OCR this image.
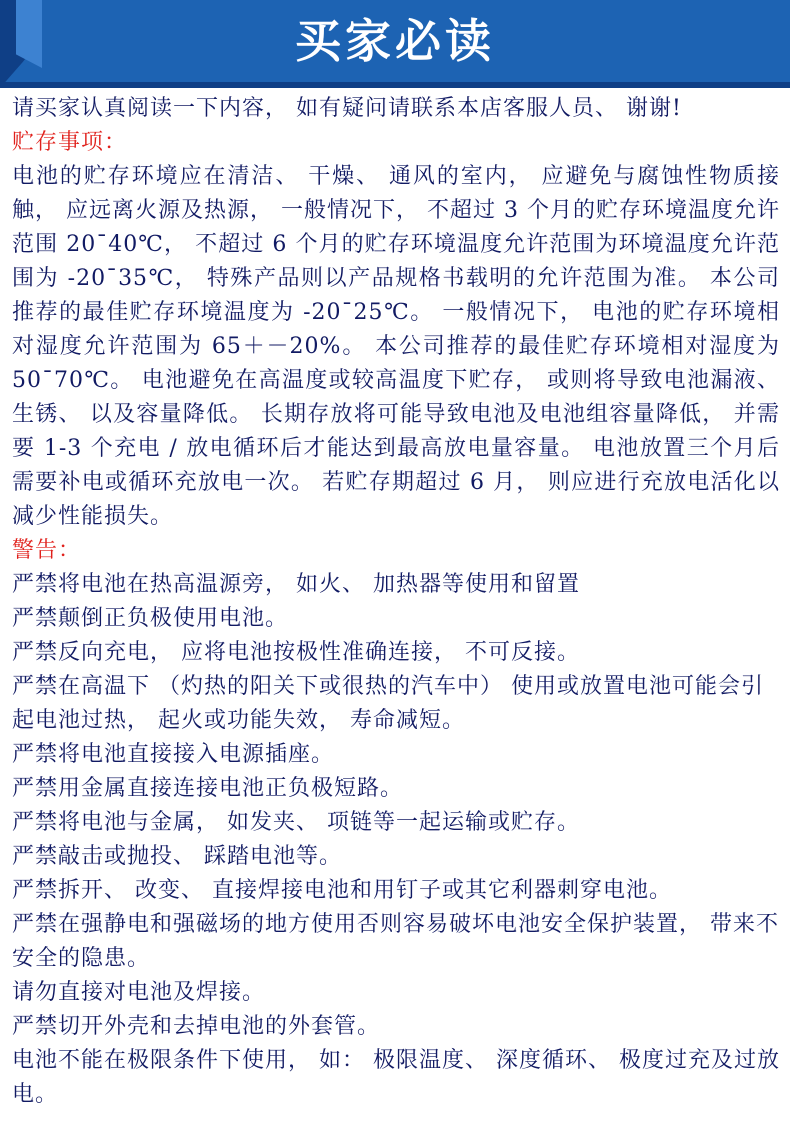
买家必读
请买家认真阅读一下内容， 如有疑问请联系本店客服人员、 谢谢!
贮存事项：
电池的贮存环境应在清洁、 干燥、 通风的室内， 应避免与腐蚀性物质接触， 应远离火源及热源， 一般情况下， 不超过 3 个月的贮存环境温度允许范围 20¯40℃， 不超过 6 个月的贮存环境温度允许范围为环境温度允许范围为 -20¯35℃， 特殊产品则以产品规格书载明的允许范围为准。 本公司推荐的最佳贮存环境温度为 -20¯25℃。 一般情况下， 电池的贮存环境相对湿度允许范围为 65＋－20%。 本公司推荐的最佳贮存环境相对湿度为 50¯70℃。 电池避免在高温度或较高温度下贮存， 或则将导致电池漏液、 生锈、 以及容量降低。 长期存放将可能导致电池及电池组容量降低， 并需要 1-3 个充电 / 放电循环后才能达到最高放电量容量。 电池放置三个月后需要补电或循环充放电一次。 若贮存期超过 6 月， 则应进行充放电活化以减少性能损失。
警告：
严禁将电池在热高温源旁， 如火、 加热器等使用和留置
严禁颠倒正负极使用电池。
严禁反向充电， 应将电池按极性准确连接， 不可反接。
严禁在高温下 （灼热的阳关下或很热的汽车中） 使用或放置电池可能会引起电池过热， 起火或功能失效， 寿命减短。
严禁将电池直接接入电源插座。
严禁用金属直接连接电池正负极短路。
严禁将电池与金属， 如发夹、 项链等一起运输或贮存。
严禁敲击或抛投、 踩踏电池等。
严禁拆开、 改变、 直接焊接电池和用钉子或其它利器刺穿电池。
严禁在强静电和强磁场的地方使用否则容易破坏电池安全保护装置， 带来不安全的隐患。
请勿直接对电池及焊接。
严禁切开外壳和去掉电池的外套管。
电池不能在极限条件下使用， 如： 极限温度、 深度循环、 极度过充及过放电。
